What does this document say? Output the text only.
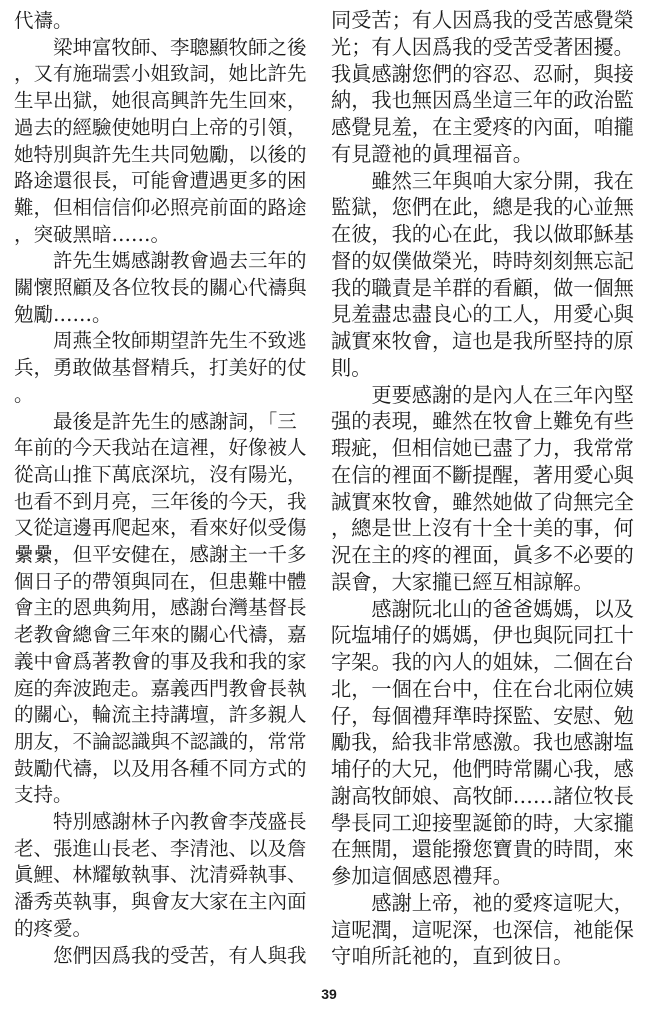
代禱。
　　梁坤富牧師、李聰顯牧師之後
，又有施瑞雲小姐致詞，她比許先
生早出獄，她很高興許先生回來，
過去的經驗使她明白上帝的引領，
她特別與許先生共同勉勵，以後的
路途還很長，可能會遭遇更多的困
難，但相信信仰必照亮前面的路途
，突破黑暗……。
　　許先生媽感謝教會過去三年的
關懷照顧及各位牧長的關心代禱與
勉勵……。
　　周燕全牧師期望許先生不致逃
兵，勇敢做基督精兵，打美好的仗
。
　　最後是許先生的感謝詞，「三
年前的今天我站在這裡，好像被人
從高山推下萬底深坑，沒有陽光，
也看不到月亮，三年後的今天，我
又從這邊再爬起來，看來好似受傷
纍纍，但平安健在，感謝主一千多
個日子的帶領與同在，但患難中體
會主的恩典夠用，感謝台灣基督長
老教會總會三年來的關心代禱，嘉
義中會爲著教會的事及我和我的家
庭的奔波跑走。嘉義西門教會長執
的關心，輪流主持講壇，許多親人
朋友，不論認識與不認識的，常常
鼓勵代禱，以及用各種不同方式的
支持。
　　特別感謝林子內教會李茂盛長
老、張進山長老、李清池、以及詹
眞鯉、林耀敏執事、沈清舜執事、
潘秀英執事，與會友大家在主內面
的疼愛。
　　您們因爲我的受苦，有人與我
同受苦；有人因爲我的受苦感覺榮
光；有人因爲我的受苦受著困擾。
我眞感謝您們的容忍、忍耐，與接
納，我也無因爲坐這三年的政治監
感覺見羞，在主愛疼的內面，咱攏
有見證祂的眞理福音。
　　雖然三年與咱大家分開，我在
監獄，您們在此，總是我的心並無
在彼，我的心在此，我以做耶穌基
督的奴僕做榮光，時時刻刻無忘記
我的職責是羊群的看顧，做一個無
見羞盡忠盡良心的工人，用愛心與
誠實來牧會，這也是我所堅持的原
則。
　　更要感謝的是內人在三年內堅
强的表現，雖然在牧會上難免有些
瑕疵，但相信她已盡了力，我常常
在信的裡面不斷提醒，著用愛心與
誠實來牧會，雖然她做了尙無完全
，總是世上沒有十全十美的事，何
況在主的疼的裡面，眞多不必要的
誤會，大家攏已經互相諒解。
　　感謝阮北山的爸爸媽媽，以及
阮塩埔仔的媽媽，伊也與阮同扛十
字架。我的內人的姐妹，二個在台
北，一個在台中，住在台北兩位姨
仔，每個禮拜準時探監、安慰、勉
勵我，給我非常感激。我也感謝塩
埔仔的大兄，他們時常關心我，感
謝高牧師娘、高牧師……諸位牧長
學長同工迎接聖誕節的時，大家攏
在無閒，還能撥您寶貴的時間，來
參加這個感恩禮拜。
　　感謝上帝，祂的愛疼這呢大，
這呢潤，這呢深，也深信，祂能保
守咱所託祂的，直到彼日。
39
